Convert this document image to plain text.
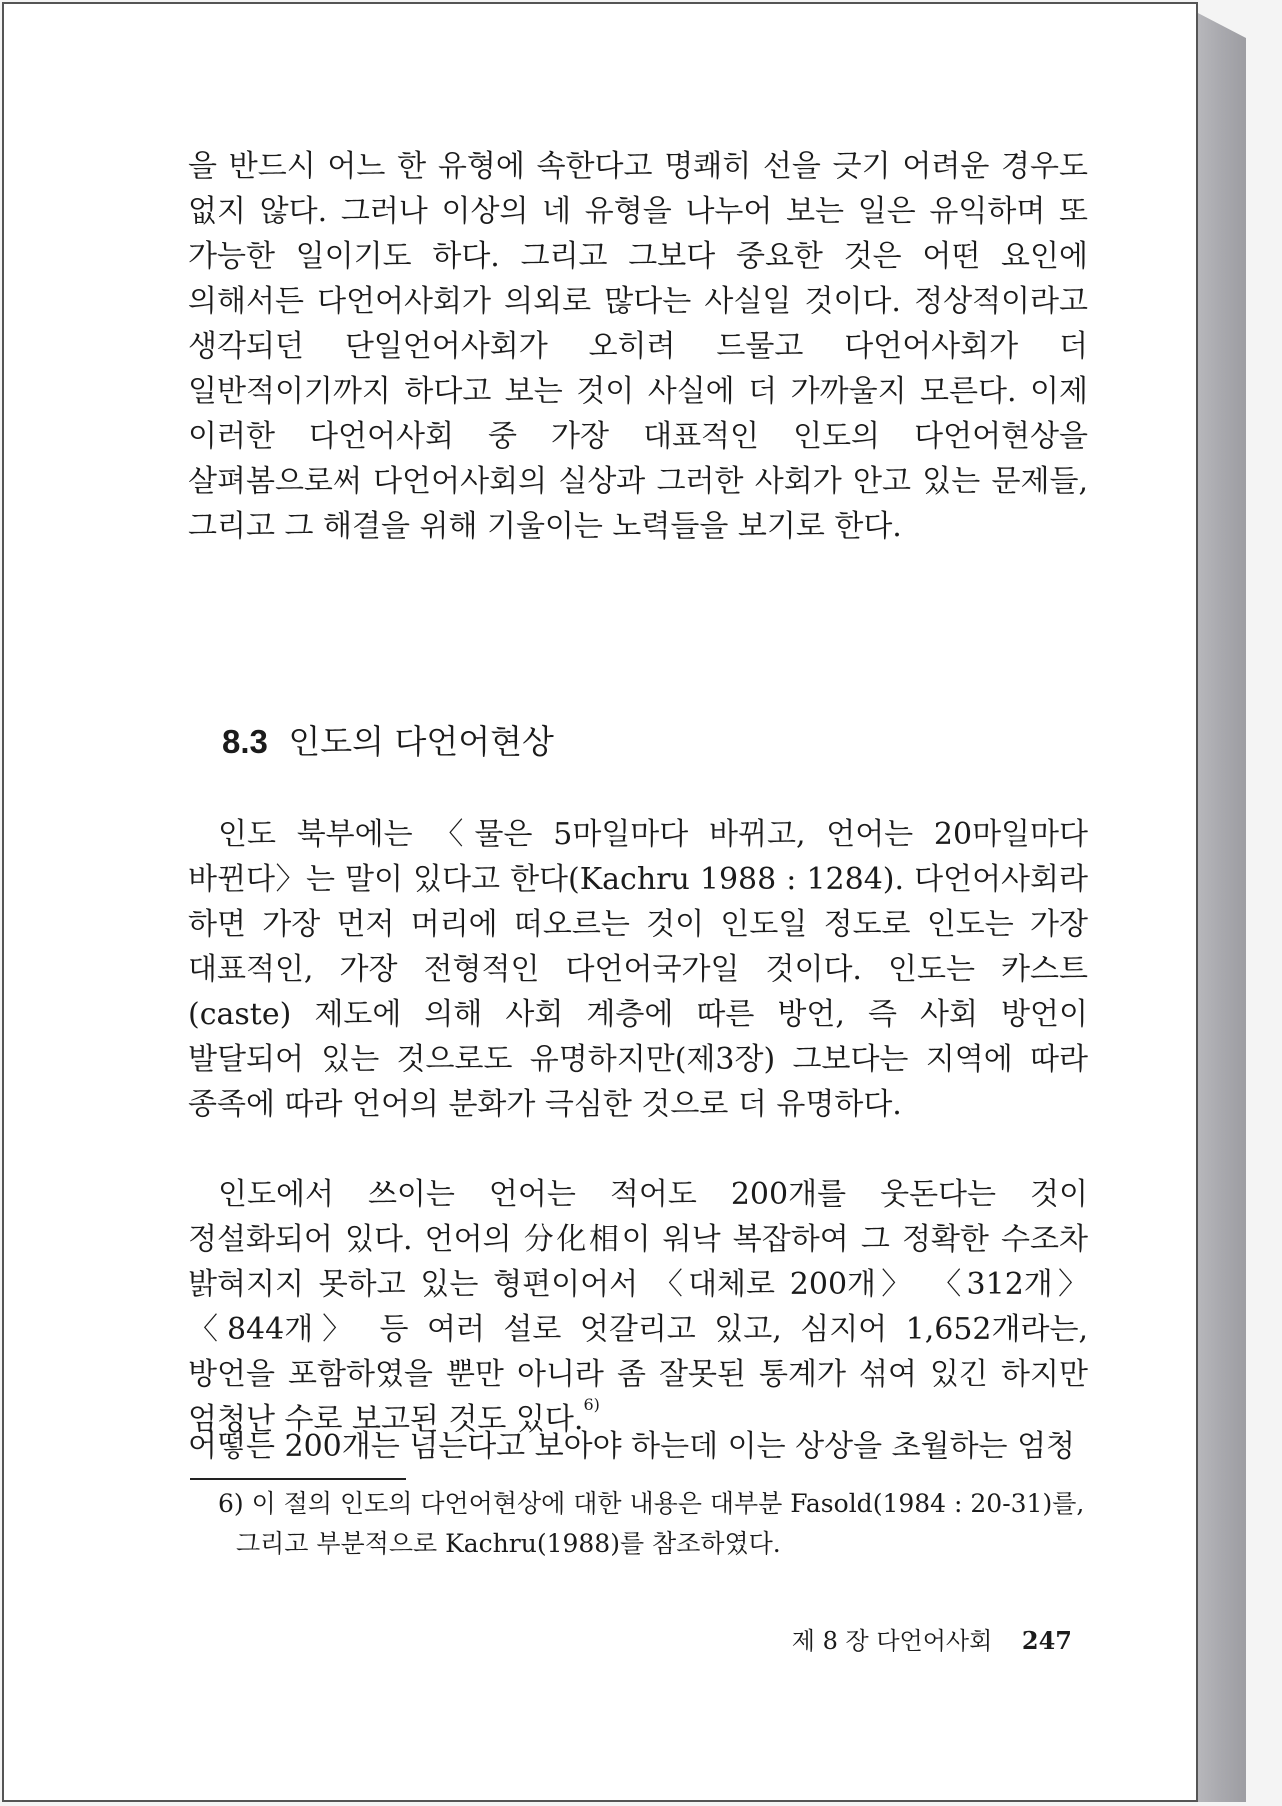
을 반드시 어느 한 유형에 속한다고 명쾌히 선을 긋기 어려운 경우도 없지 않다. 그러나 이상의 네 유형을 나누어 보는 일은 유익하며 또 가능한 일이기도 하다. 그리고 그보다 중요한 것은 어떤 요인에 의해서든 다언어사회가 의외로 많다는 사실일 것이다. 정상적이라고 생각되던 단일언어사회가 오히려 드물고 다언어사회가 더 일반적이기까지 하다고 보는 것이 사실에 더 가까울지 모른다. 이제 이러한 다언어사회 중 가장 대표적인 인도의 다언어현상을 살펴봄으로써 다언어사회의 실상과 그러한 사회가 안고 있는 문제들, 그리고 그 해결을 위해 기울이는 노력들을 보기로 한다.

8.3 인도의 다언어현상

인도 북부에는 〈물은 5마일마다 바뀌고, 언어는 20마일마다 바뀐다〉는 말이 있다고 한다(Kachru 1988 : 1284). 다언어사회라 하면 가장 먼저 머리에 떠오르는 것이 인도일 정도로 인도는 가장 대표적인, 가장 전형적인 다언어국가일 것이다. 인도는 카스트(caste) 제도에 의해 사회 계층에 따른 방언, 즉 사회 방언이 발달되어 있는 것으로도 유명하지만(제3장) 그보다는 지역에 따라 종족에 따라 언어의 분화가 극심한 것으로 더 유명하다.

인도에서 쓰이는 언어는 적어도 200개를 웃돈다는 것이 정설화되어 있다. 언어의 分化相이 워낙 복잡하여 그 정확한 수조차 밝혀지지 못하고 있는 형편이어서 〈대체로 200개〉 〈312개〉 〈844개〉 등 여러 설로 엇갈리고 있고, 심지어 1,652개라는, 방언을 포함하였을 뿐만 아니라 좀 잘못된 통계가 섞여 있긴 하지만 엄청난 수로 보고된 것도 있다.$^{6)}$

어떻든 200개는 넘는다고 보아야 하는데 이는 상상을 초월하는 엄청

6) 이 절의 인도의 다언어현상에 대한 내용은 대부분 Fasold(1984 : 20-31)를,
그리고 부분적으로 Kachru(1988)를 참조하였다.

제 8 장 다언어사회 247
